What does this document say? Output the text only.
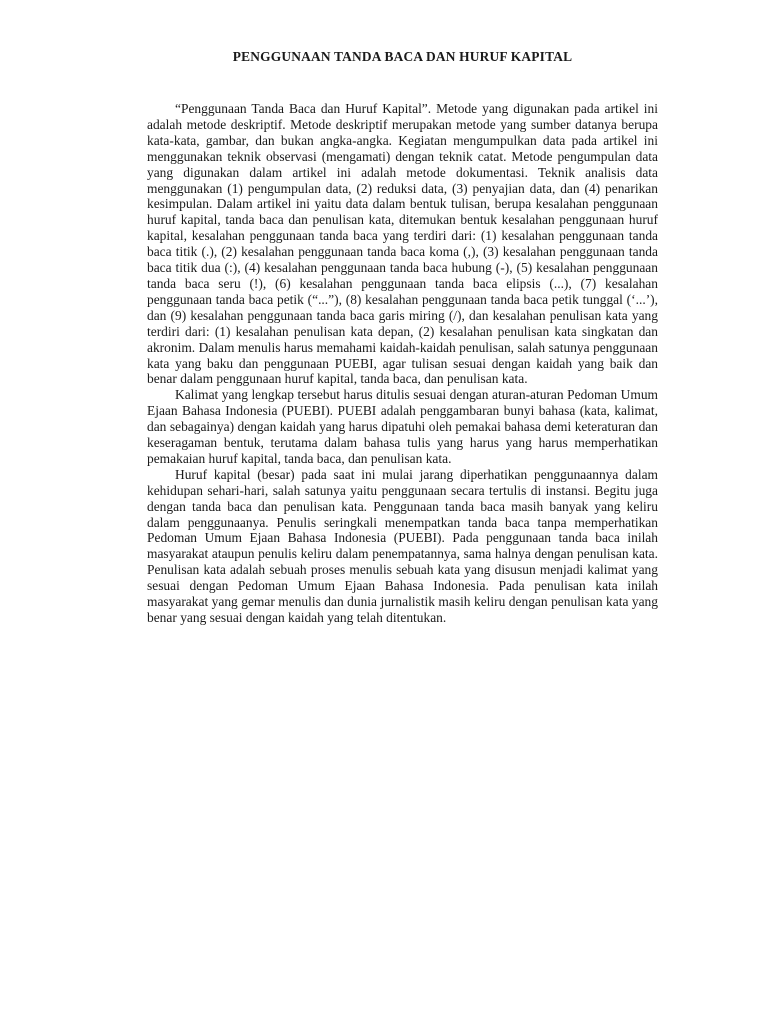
PENGGUNAAN TANDA BACA DAN HURUF KAPITAL

“Penggunaan Tanda Baca dan Huruf Kapital”. Metode yang digunakan pada artikel ini adalah metode deskriptif. Metode deskriptif merupakan metode yang sumber datanya berupa kata-kata, gambar, dan bukan angka-angka. Kegiatan mengumpulkan data pada artikel ini menggunakan teknik observasi (mengamati) dengan teknik catat. Metode pengumpulan data yang digunakan dalam artikel ini adalah metode dokumentasi. Teknik analisis data menggunakan (1) pengumpulan data, (2) reduksi data, (3) penyajian data, dan (4) penarikan kesimpulan. Dalam artikel ini yaitu data dalam bentuk tulisan, berupa kesalahan penggunaan huruf kapital, tanda baca dan penulisan kata, ditemukan bentuk kesalahan penggunaan huruf kapital, kesalahan penggunaan tanda baca yang terdiri dari: (1) kesalahan penggunaan tanda baca titik (.), (2) kesalahan penggunaan tanda baca koma (,), (3) kesalahan penggunaan tanda baca titik dua (:), (4) kesalahan penggunaan tanda baca hubung (-), (5) kesalahan penggunaan tanda baca seru (!), (6) kesalahan penggunaan tanda baca elipsis (...), (7) kesalahan penggunaan tanda baca petik (“...”), (8) kesalahan penggunaan tanda baca petik tunggal (‘...’), dan (9) kesalahan penggunaan tanda baca garis miring (/), dan kesalahan penulisan kata yang terdiri dari: (1) kesalahan penulisan kata depan, (2) kesalahan penulisan kata singkatan dan akronim. Dalam menulis harus memahami kaidah-kaidah penulisan, salah satunya penggunaan kata yang baku dan penggunaan PUEBI, agar tulisan sesuai dengan kaidah yang baik dan benar dalam penggunaan huruf kapital, tanda baca, dan penulisan kata.

Kalimat yang lengkap tersebut harus ditulis sesuai dengan aturan-aturan Pedoman Umum Ejaan Bahasa Indonesia (PUEBI). PUEBI adalah penggambaran bunyi bahasa (kata, kalimat, dan sebagainya) dengan kaidah yang harus dipatuhi oleh pemakai bahasa demi keteraturan dan keseragaman bentuk, terutama dalam bahasa tulis yang harus yang harus memperhatikan pemakaian huruf kapital, tanda baca, dan penulisan kata.

Huruf kapital (besar) pada saat ini mulai jarang diperhatikan penggunaannya dalam kehidupan sehari-hari, salah satunya yaitu penggunaan secara tertulis di instansi. Begitu juga dengan tanda baca dan penulisan kata. Penggunaan tanda baca masih banyak yang keliru dalam penggunaanya. Penulis seringkali menempatkan tanda baca tanpa memperhatikan Pedoman Umum Ejaan Bahasa Indonesia (PUEBI). Pada penggunaan tanda baca inilah masyarakat ataupun penulis keliru dalam penempatannya, sama halnya dengan penulisan kata. Penulisan kata adalah sebuah proses menulis sebuah kata yang disusun menjadi kalimat yang sesuai dengan Pedoman Umum Ejaan Bahasa Indonesia. Pada penulisan kata inilah masyarakat yang gemar menulis dan dunia jurnalistik masih keliru dengan penulisan kata yang benar yang sesuai dengan kaidah yang telah ditentukan.
